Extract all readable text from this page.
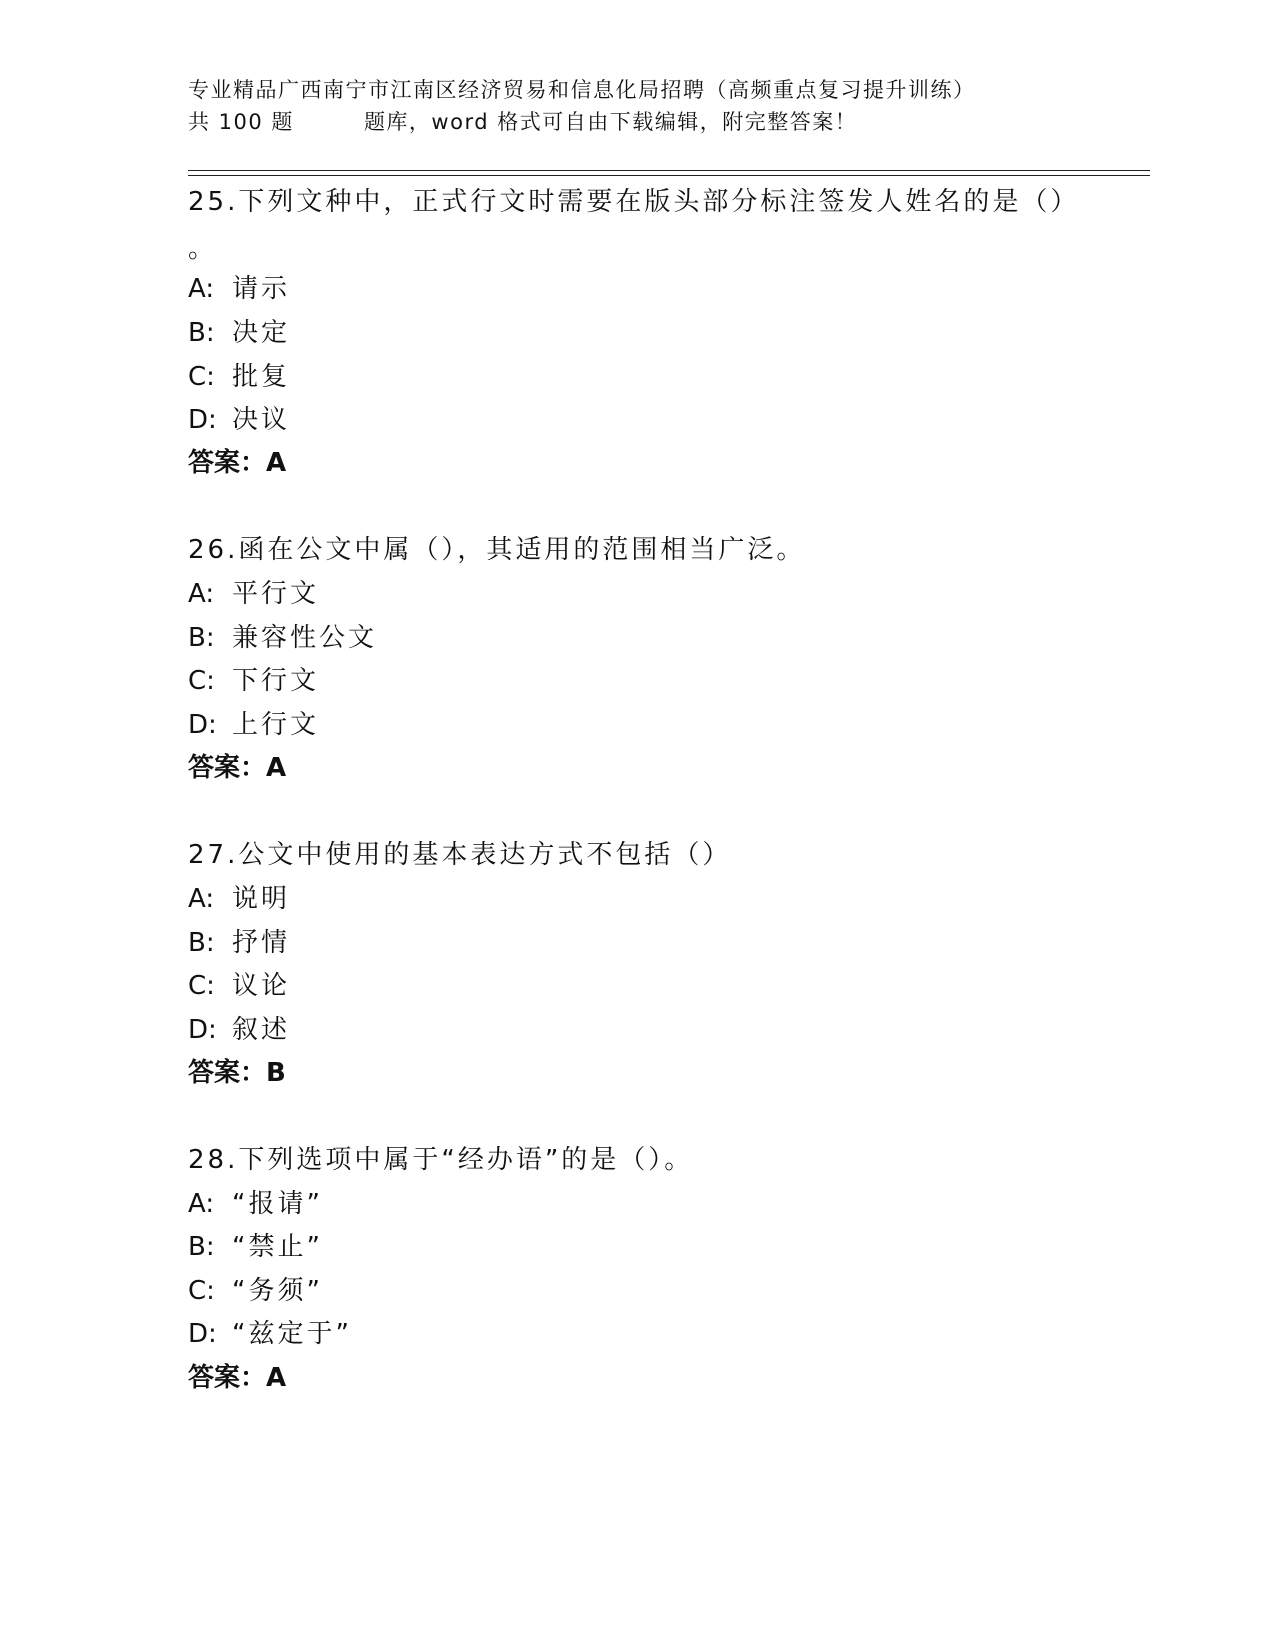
专业精品广西南宁市江南区经济贸易和信息化局招聘（高频重点复习提升训练）
共 100 题	题库，word 格式可自由下载编辑，附完整答案！
25.下列文种中，正式行文时需要在版头部分标注签发人姓名的是（）
。
A: 请示
B: 决定
C: 批复
D: 决议
答案：A
26.函在公文中属（），其适用的范围相当广泛。
A: 平行文
B: 兼容性公文
C: 下行文
D: 上行文
答案：A
27.公文中使用的基本表达方式不包括（）
A: 说明
B: 抒情
C: 议论
D: 叙述
答案：B
28.下列选项中属于“经办语”的是（）。
A: “报请”
B: “禁止”
C: “务须”
D: “兹定于”
答案：A
